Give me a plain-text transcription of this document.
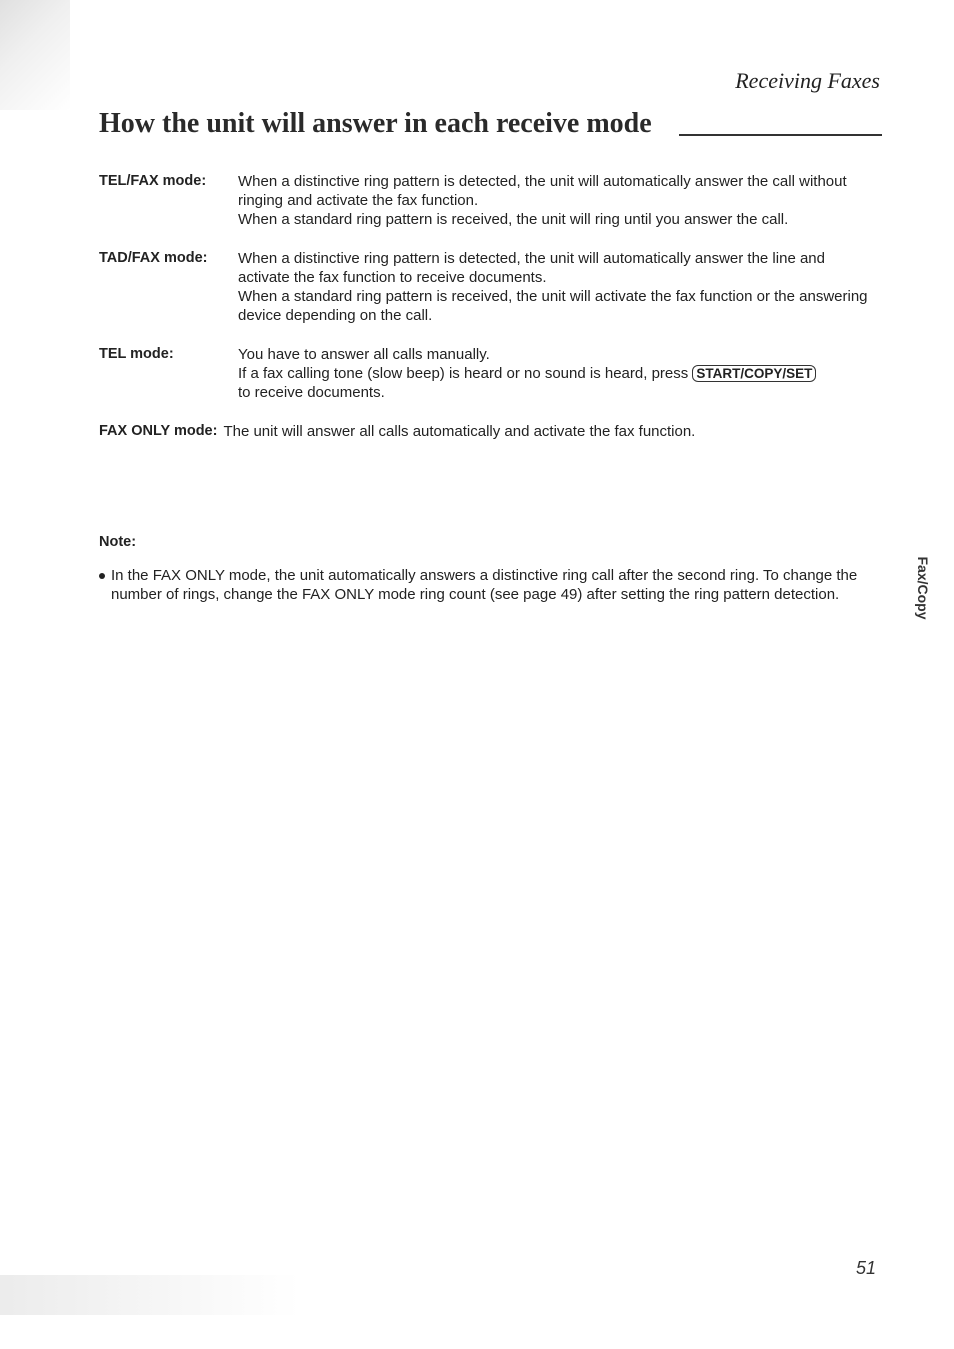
Receiving Faxes
How the unit will answer in each receive mode
TEL/FAX mode:	When a distinctive ring pattern is detected, the unit will automatically answer the call without ringing and activate the fax function.

When a standard ring pattern is received, the unit will ring until you answer the call.

TAD/FAX mode:	When a distinctive ring pattern is detected, the unit will automatically answer the line and activate the fax function to receive documents.

When a standard ring pattern is received, the unit will activate the fax function or the answering device depending on the call.

TEL mode:	You have to answer all calls manually.

If a fax calling tone (slow beep) is heard or no sound is heard, press START/COPY/SET

to receive documents.

FAX ONLY mode: The unit will answer all calls automatically and activate the fax function.
Note:
In the FAX ONLY mode, the unit automatically answers a distinctive ring call after the second ring. To change the number of rings, change the FAX ONLY mode ring count (see page 49) after setting the ring pattern detection.	Fax/Copy
51
